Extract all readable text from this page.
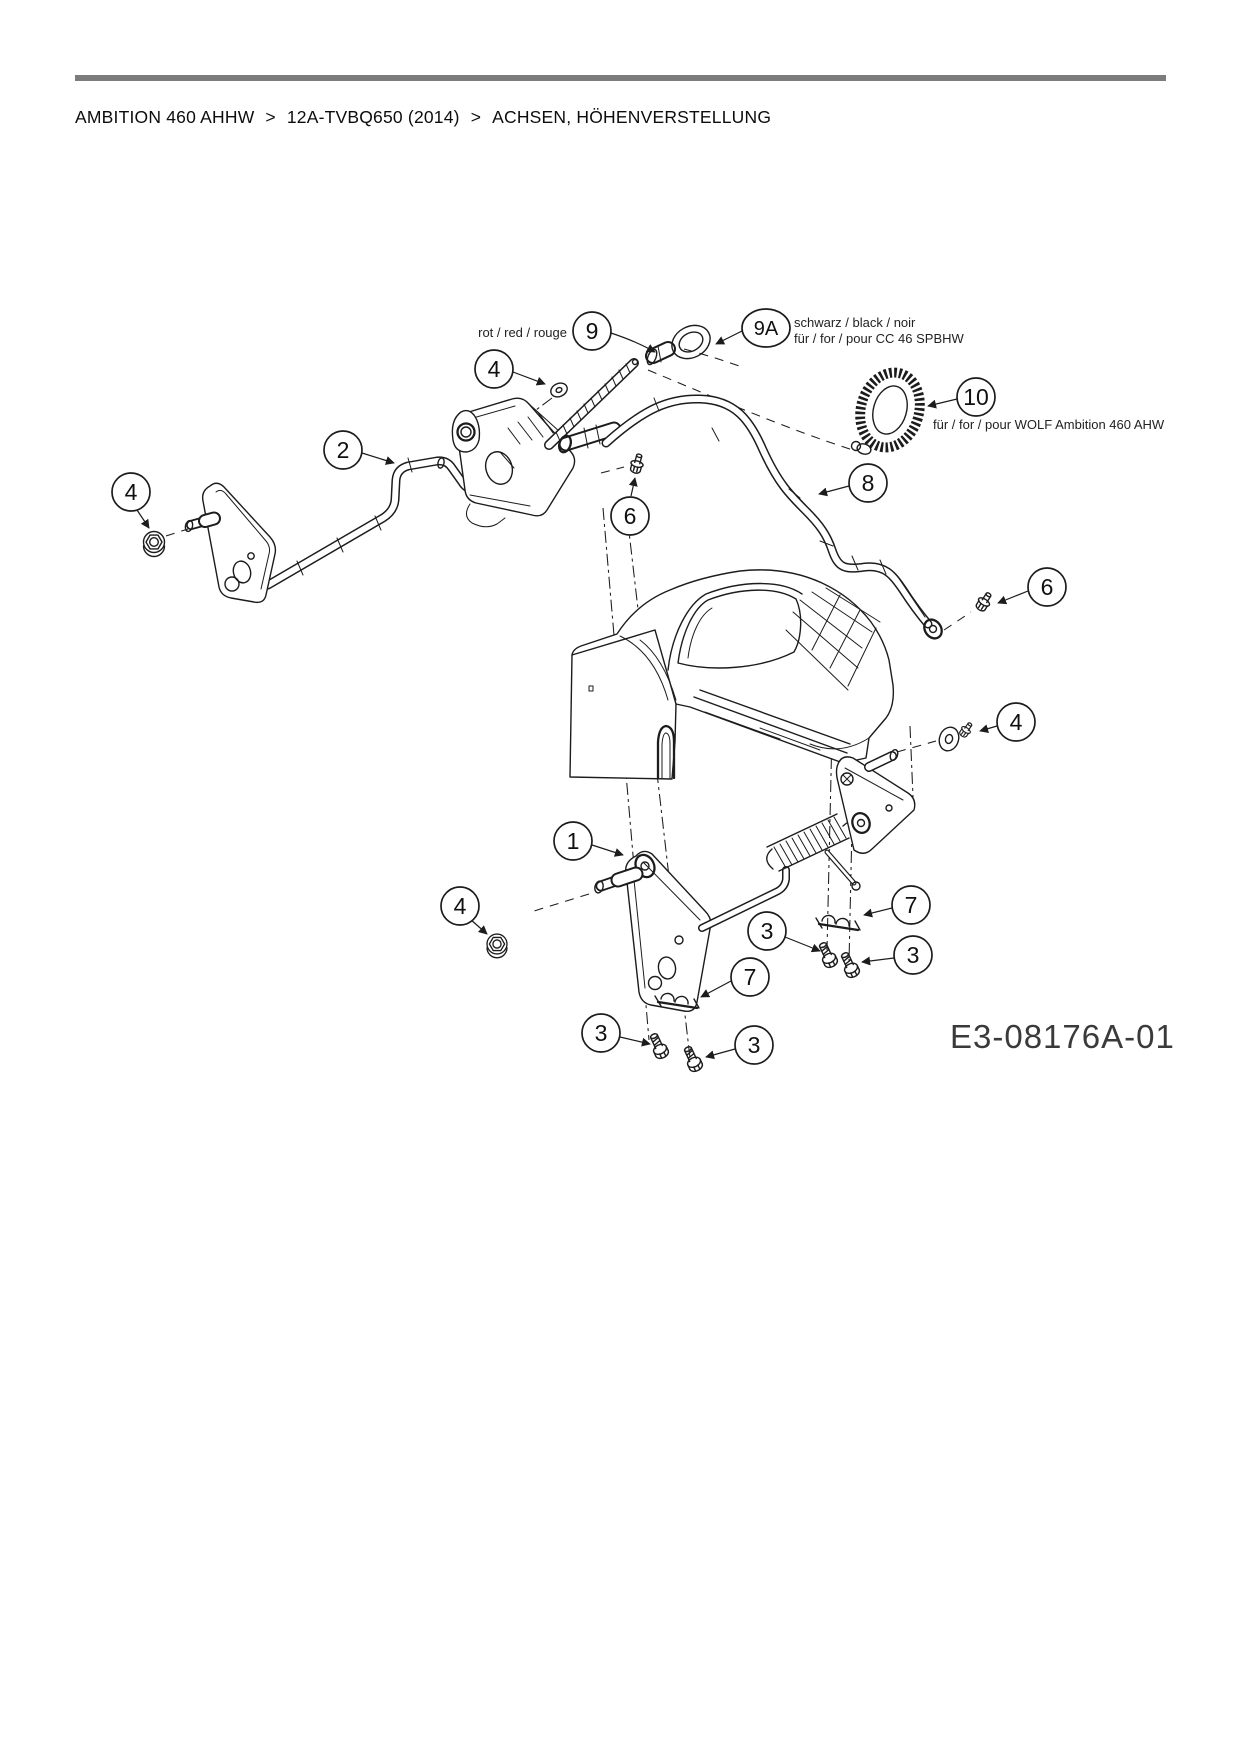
AMBITION 460 AHHW > 12A-TVBQ650 (2014) > ACHSEN, HÖHENVERSTELLUNG
9	9A
4
10
2
4
6
8
6
4
1
4	7
3
3
7
3	3
rot / red / rouge
schwarz / black / noir
für / for / pour CC 46 SPBHW
für / for / pour WOLF Ambition 460 AHW
E3-08176A-01
